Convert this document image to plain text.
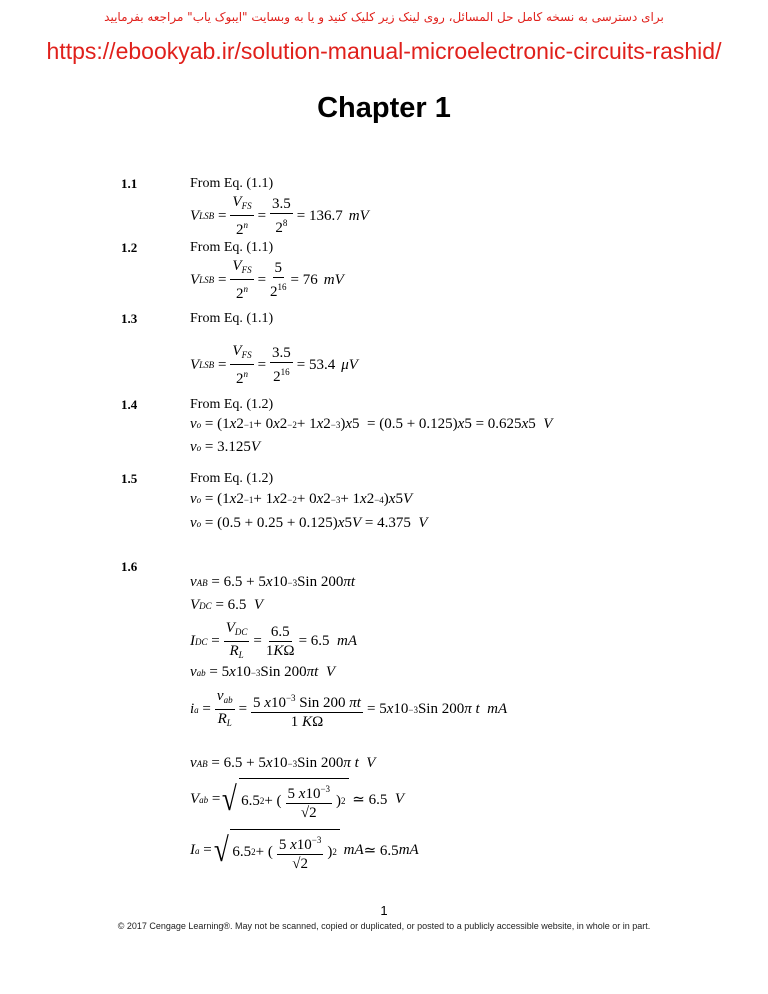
برای دسترسی به نسخه کامل حل المسائل، روی لینک زیر کلیک کنید و یا به وبسایت "ایبوک یاب" مراجعه بفرمایید
https://ebookyab.ir/solution-manual-microelectronic-circuits-rashid/
Chapter 1
1.1	From Eq. (1.1)
V LSB = $\frac{V_{FS}}{2^n} = \frac{3.5}{2^8} = 136.7$ mV
1.2	From Eq. (1.1)
V LSB = $\frac{V_{FS}}{2^n} = \frac{5}{2^{16}} = 76$ mV
1.3	From Eq. (1.1)
V LSB = $\frac{V_{FS}}{2^n} = \frac{3.5}{2^{16}} = 53.4$ μV
1.4	From Eq. (1.2)
v o = (1 x 2 −1 + 0 x 2 −2 + 1 x 2 −3 ) x 5  = (0.5 + 0.125) x 5 = 0.625 x 5 V
v o = 3.125 V
1.5	From Eq. (1.2)
v o = (1 x 2 −1 + 1 x 2 −2 + 0 x 2 −3 + 1 x 2 −4 ) x 5 V
v o = (0.5 + 0.25 + 0.125) x 5 V = 4.375 V
1.6
v AB = 6.5 + 5 x 10 −3 Sin 200 πt
V DC = 6.5 V
I DC = $\frac{V_{DC}}{R_L} = \frac{6.5}{1K\Omega} = 6.5$ mA
v ab = 5 x 10 −3 Sin 200 πt  V
i $a = \frac{v_{ab}}{R_L} = \frac{5 x10^{-3} Sin 200 \pi t}{1 K\Omega} = 5$ x 10 −3 Sin 200 π t  mA
v AB = 6.5 + 5 x 10 −3 Sin 200 π t  V
V ab = √ 6.5 2 + ( $\frac{5 x10^{-3}}{√2}$ ) 2 ≃ 6.5 V
I a = √ 6.5 2 + ( $\frac{5 x10^{-3}}{√2}$ ) 2
mA ≃ 6.5 mA
1
© 2017 Cengage Learning®. May not be scanned, copied or duplicated, or posted to a publicly accessible website, in whole or in part.
